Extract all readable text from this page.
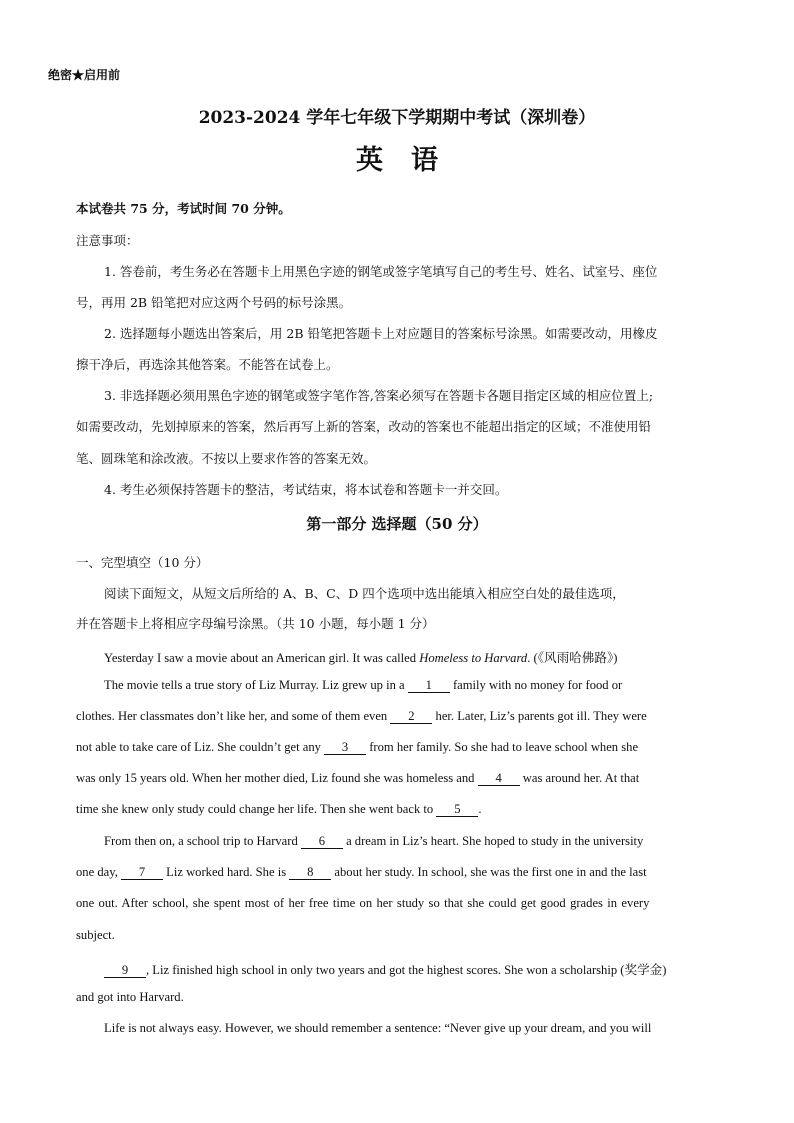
绝密★启用前
2023-2024 学年七年级下学期期中考试（深圳卷）
英语
本试卷共 75 分，考试时间 70 分钟。
注意事项：
1. 答卷前，考生务必在答题卡上用黑色字迹的钢笔或签字笔填写自己的考生号、姓名、试室号、座位
号，再用 2B 铅笔把对应这两个号码的标号涂黑。
2. 选择题每小题选出答案后，用 2B 铅笔把答题卡上对应题目的答案标号涂黑。如需要改动，用橡皮
擦干净后，再选涂其他答案。不能答在试卷上。
3. 非选择题必须用黑色字迹的钢笔或签字笔作答,答案必须写在答题卡各题目指定区域的相应位置上;
如需要改动，先划掉原来的答案，然后再写上新的答案，改动的答案也不能超出指定的区域；不准使用铅
笔、圆珠笔和涂改液。不按以上要求作答的答案无效。
4. 考生必须保持答题卡的整洁，考试结束，将本试卷和答题卡一并交回。
第一部分 选择题（50 分）
一、完型填空（10 分）
阅读下面短文，从短文后所给的 A、B、C、D 四个选项中选出能填入相应空白处的最佳选项，
并在答题卡上将相应字母编号涂黑。（共 10 小题，每小题 1 分）
Yesterday I saw a movie about an American girl. It was called Homeless to Harvard. (《风雨哈佛路》)
The movie tells a true story of Liz Murray. Liz grew up in a 1 family with no money for food or
clothes. Her classmates don’t like her, and some of them even 2 her. Later, Liz’s parents got ill. They were
not able to take care of Liz. She couldn’t get any 3 from her family. So she had to leave school when she
was only 15 years old. When her mother died, Liz found she was homeless and 4 was around her. At that
time she knew only study could change her life. Then she went back to 5 .
From then on, a school trip to Harvard 6 a dream in Liz’s heart. She hoped to study in the university
one day, 7 Liz worked hard. She is 8 about her study. In school, she was the first one in and the last
one out. After school, she spent most of her free time on her study so that she could get good grades in every
subject.
9 , Liz finished high school in only two years and got the highest scores. She won a scholarship (奖学金)
and got into Harvard.
Life is not always easy. However, we should remember a sentence: “Never give up your dream, and you will
